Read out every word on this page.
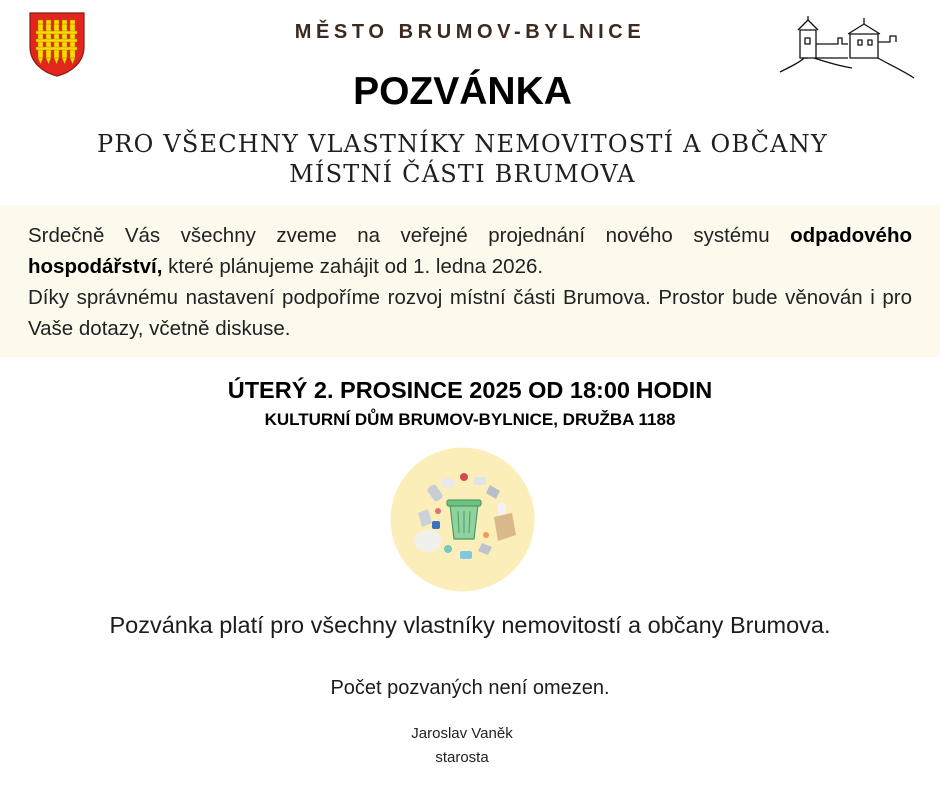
MĚSTO BRUMOV-BYLNICE
POZVÁNKA
PRO VŠECHNY VLASTNÍKY NEMOVITOSTÍ A OBČANY
MÍSTNÍ ČÁSTI BRUMOVA

Srdečně Vás všechny zveme na veřejné projednání nového systému odpadového hospodářství, které plánujeme zahájit od 1. ledna 2026.

Díky správnému nastavení podpoříme rozvoj místní části Brumova. Prostor bude věnován i pro Vaše dotazy, včetně diskuse.

ÚTERÝ 2. PROSINCE 2025 OD 18:00 HODIN
KULTURNÍ DŮM BRUMOV-BYLNICE, DRUŽBA 1188
Pozvánka platí pro všechny vlastníky nemovitostí a občany Brumova.
Počet pozvaných není omezen.
Jaroslav Vaněk
starosta
